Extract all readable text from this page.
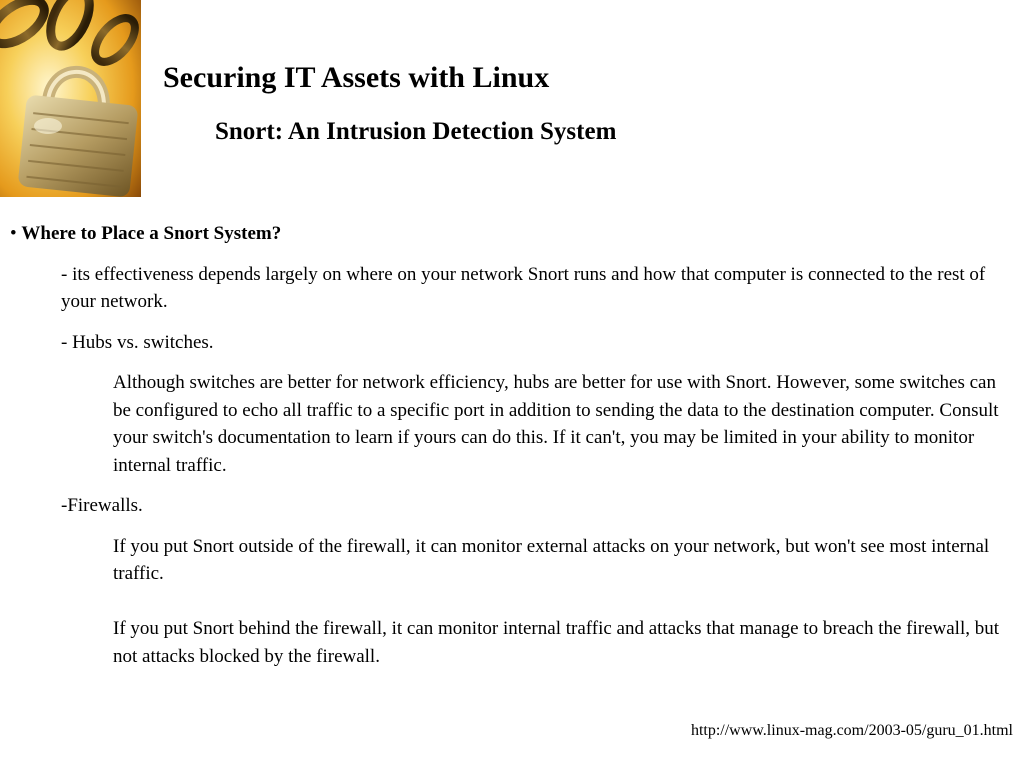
Securing IT Assets with Linux
Snort: An Intrusion Detection System

• Where to Place a Snort System?

- its effectiveness depends largely on where on your network Snort runs and how that computer is connected to the rest of your network.

- Hubs vs. switches.

Although switches are better for network efficiency, hubs are better for use with Snort. However, some switches can be configured to echo all traffic to a specific port in addition to sending the data to the destination computer. Consult your switch's documentation to learn if yours can do this. If it can't, you may be limited in your ability to monitor internal traffic.

-Firewalls.

If you put Snort outside of the firewall, it can monitor external attacks on your network, but won't see most internal traffic.

If you put Snort behind the firewall, it can monitor internal traffic and attacks that manage to breach the firewall, but not attacks blocked by the firewall.

http://www.linux-mag.com/2003-05/guru_01.html
